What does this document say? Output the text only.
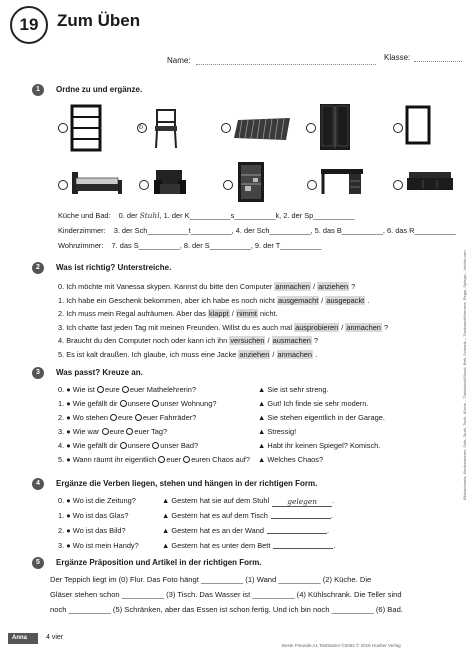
19	Zum Üben
Name:	Klasse:
1	Ordne zu und ergänze.
6
Küche und Bad: 0. der Stuhl, 1. der K__________s__________k, 2. der Sp__________
Kinderzimmer: 3. der Sch__________t__________, 4. der Sch__________, 5. das B__________, 6. das R__________
Wohnzimmer: 7. das S__________, 8. der S__________, 9. der T__________
2	Was ist richtig? Unterstreiche.
0. Ich möchte mit Vanessa skypen. Kannst du bitte den Computer anmachen / anziehen ?
1. Ich habe ein Geschenk bekommen, aber ich habe es noch nicht ausgemacht / ausgepackt .
2. Ich muss mein Regal aufräumen. Aber das klappt / nimmt nicht.
3. Ich chatte fast jeden Tag mit meinen Freunden. Willst du es auch mal ausprobieren / anmachen ?
4. Braucht du den Computer noch oder kann ich ihn versuchen / ausmachen ?
5. Es ist kalt draußen. Ich glaube, ich muss eine Jacke anziehen / anmachen .
3	Was passt? Kreuze an.
0. ● Wie ist eure euer Mathelehrerin?	▲ Sie ist sehr streng.
1. ● Wie gefällt dir unsere unser Wohnung?	▲ Gut! Ich finde sie sehr modern.
2. ● Wo stehen eure euer Fahrräder?	▲ Sie stehen eigentlich in der Garage.
3. ● Wie war eure euer Tag?	▲ Stressig!
4. ● Wie gefällt dir unsere unser Bad?	▲ Habt ihr keinen Spiegel? Komisch.
5. ● Wann räumt ihr eigentlich euer euren Chaos auf? ▲ Welches Chaos?
4	Ergänze die Verben liegen, stehen und hängen in der richtigen Form.
0. ● Wo ist die Zeitung?	▲ Gestern hat sie auf dem Stuhl gelegen .
1. ● Wo ist das Glas?	▲ Gestern hat es auf dem Tisch	.
2. ● Wo ist das Bild?	▲ Gestern hat es an der Wand	.
3. ● Wo ist mein Handy?	▲ Gestern hat es unter dem Bett	.
5	Ergänze Präposition und Artikel in der richtigen Form.
Der Teppich liegt im (0) Flur. Das Foto hängt __________ (1) Wand __________ (2) Küche. Die
Gläser stehen schon __________ (3) Tisch. Das Wasser ist __________ (4) Kühlschrank. Die Teller sind
noch __________ (5) Schränken, aber das Essen ist schon fertig. Und ich bin noch __________ (6) Bad.
Anna	4 vier
Beste Freunde A1 Testtrainer ©2052 © 2016 Hueber Verlag
Bildnachweis: Kinderzimmer, Sofa, Stuhl, Tisch, Küche – Thinkstock/iStock; Bett, Schrank – Thinkstock/Hemera; Regal, Spiegel – fotolia.com
